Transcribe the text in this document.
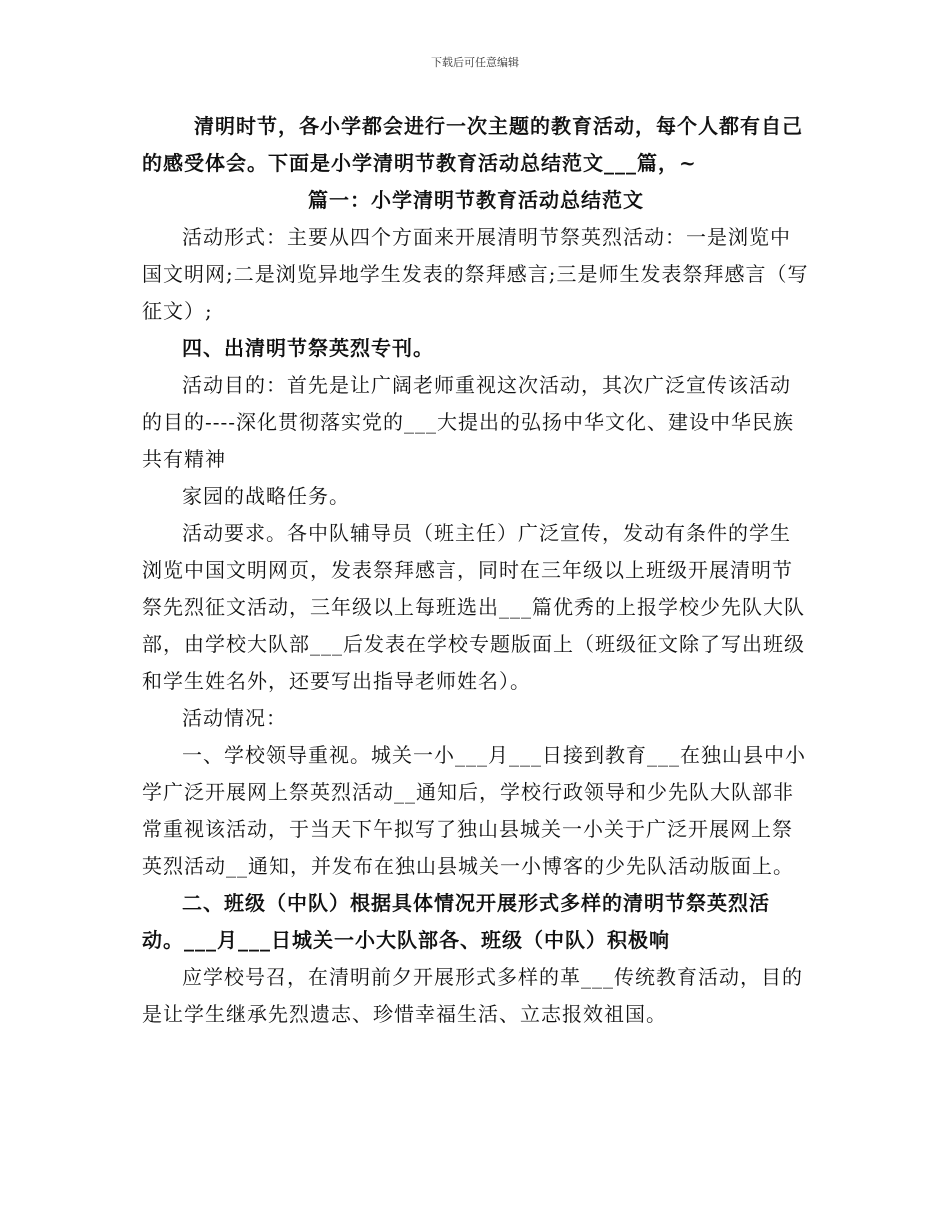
下载后可任意编辑

清明时节，各小学都会进行一次主题的教育活动，每个人都有自己的感受体会。下面是小学清明节教育活动总结范文___篇，~

篇一：小学清明节教育活动总结范文

活动形式：主要从四个方面来开展清明节祭英烈活动：一是浏览中国文明网;二是浏览异地学生发表的祭拜感言;三是师生发表祭拜感言（写征文）;

四、出清明节祭英烈专刊。

活动目的：首先是让广阔老师重视这次活动，其次广泛宣传该活动的目的----深化贯彻落实党的___大提出的弘扬中华文化、建设中华民族共有精神

家园的战略任务。

活动要求。各中队辅导员（班主任）广泛宣传，发动有条件的学生浏览中国文明网页，发表祭拜感言，同时在三年级以上班级开展清明节祭先烈征文活动，三年级以上每班选出___篇优秀的上报学校少先队大队部，由学校大队部___后发表在学校专题版面上（班级征文除了写出班级和学生姓名外，还要写出指导老师姓名）。

活动情况：

一、学校领导重视。城关一小___月___日接到教育___在独山县中小学广泛开展网上祭英烈活动__通知后，学校行政领导和少先队大队部非常重视该活动，于当天下午拟写了独山县城关一小关于广泛开展网上祭英烈活动__通知，并发布在独山县城关一小博客的少先队活动版面上。

二、班级（中队）根据具体情况开展形式多样的清明节祭英烈活动。___月___日城关一小大队部各、班级（中队）积极响

应学校号召，在清明前夕开展形式多样的革___传统教育活动，目的是让学生继承先烈遗志、珍惜幸福生活、立志报效祖国。
